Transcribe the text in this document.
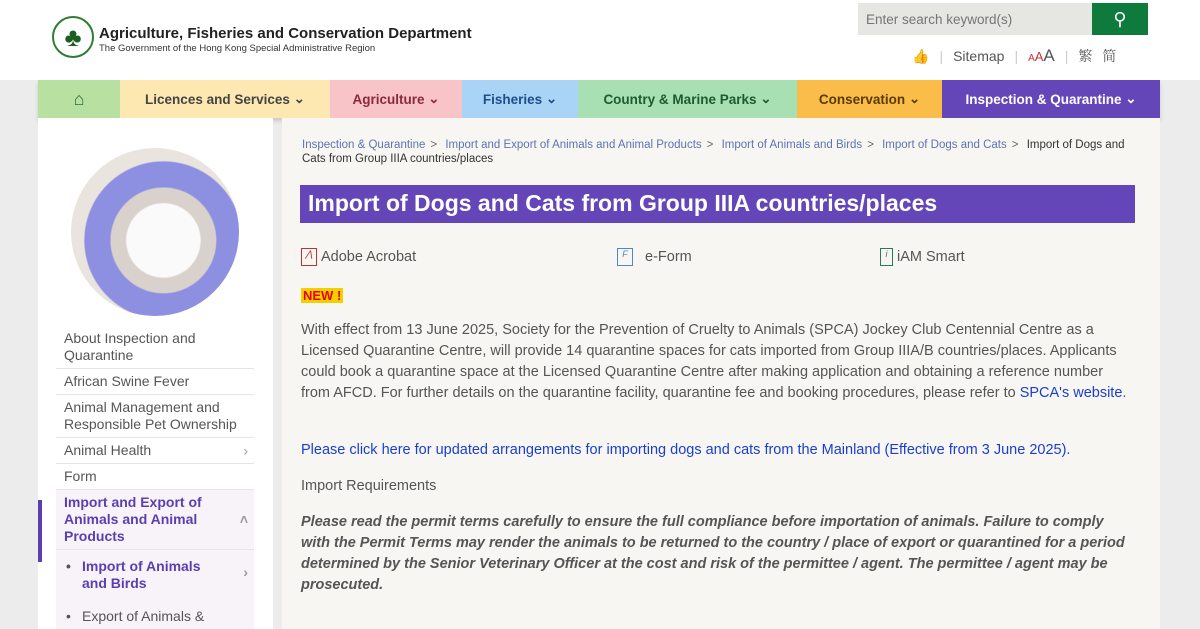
♣	Agriculture, Fisheries and Conservation Department
The Government of the Hong Kong Special Administrative Region
Enter search keyword(s)
⚲
👍 | Sitemap | AAA | 繁 简
⌂	Licences and Services ⌄	Agriculture ⌄	Fisheries ⌄	Country & Marine Parks ⌄	Conservation ⌄	Inspection & Quarantine ⌄
About Inspection and Quarantine
African Swine Fever
Animal Management and Responsible Pet Ownership
Animal Health	›
Form
Import and Export of Animals and Animal Products
˄
• Import of Animals and Birds
›
• Export of Animals &
Inspection & Quarantine > Import and Export of Animals and Animal Products > Import of Animals and Birds > Import of Dogs and Cats > Import of Dogs and Cats from Group IIIA countries/places
Import of Dogs and Cats from Group IIIA countries/places
⋀ Adobe Acrobat	F
	e-Form	i iAM Smart
NEW !
With effect from 13 June 2025, Society for the Prevention of Cruelty to Animals (SPCA) Jockey Club Centennial Centre as a Licensed Quarantine Centre, will provide 14 quarantine spaces for cats imported from Group IIIA/B countries/places. Applicants could book a quarantine space at the Licensed Quarantine Centre after making application and obtaining a reference number from AFCD. For further details on the quarantine facility, quarantine fee and booking procedures, please refer to SPCA's website.
Please click here for updated arrangements for importing dogs and cats from the Mainland (Effective from 3 June 2025).
Import Requirements
Please read the permit terms carefully to ensure the full compliance before importation of animals. Failure to comply with the Permit Terms may render the animals to be returned to the country / place of export or quarantined for a period determined by the Senior Veterinary Officer at the cost and risk of the permittee / agent. The permittee / agent may be prosecuted.
